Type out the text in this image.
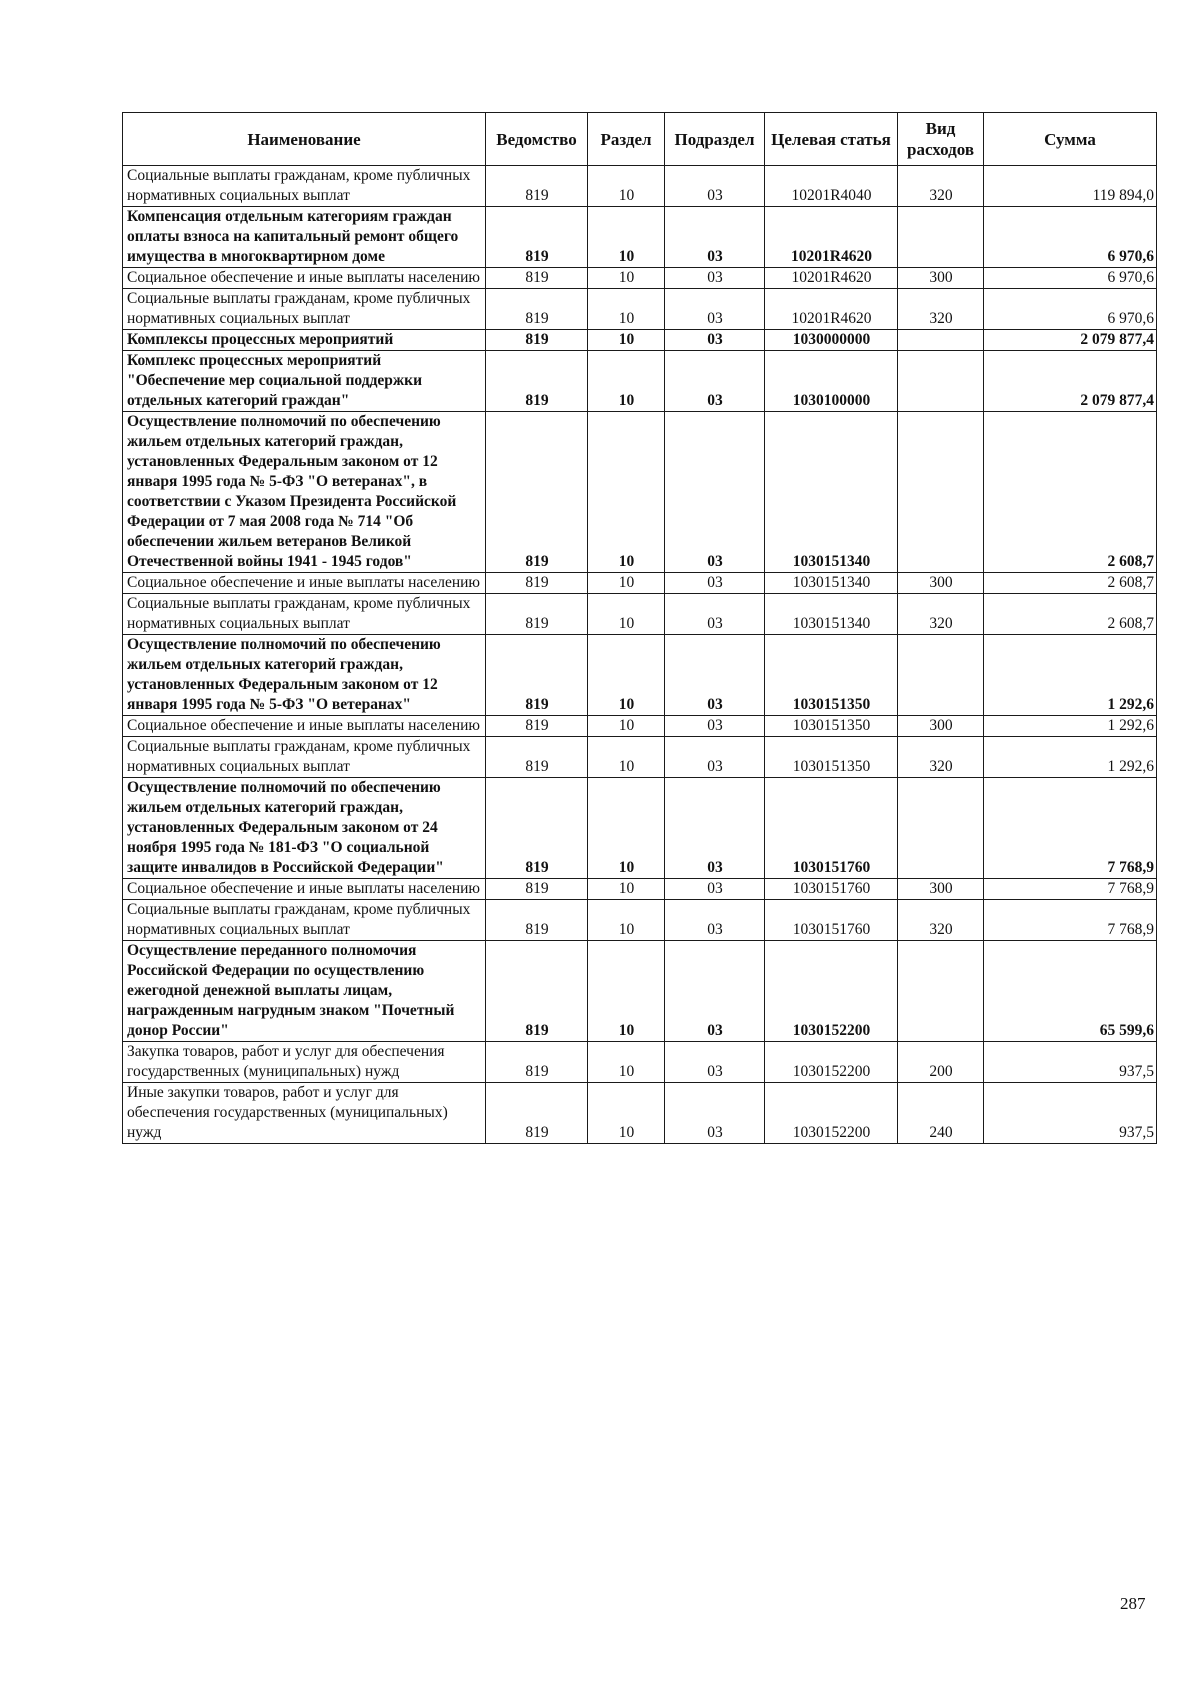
Наименование	Ведомство	Раздел	Подраздел	Целевая статья	Вид расходов	Сумма
Социальные выплаты гражданам, кроме публичных нормативных социальных выплат	819	10	03	10201R4040	320	119 894,0
Компенсация отдельным категориям граждан оплаты взноса на капитальный ремонт общего имущества в многоквартирном доме	819	10	03	10201R4620		6 970,6
Социальное обеспечение и иные выплаты населению	819	10	03	10201R4620	300	6 970,6
Социальные выплаты гражданам, кроме публичных нормативных социальных выплат	819	10	03	10201R4620	320	6 970,6
Комплексы процессных мероприятий	819	10	03	1030000000		2 079 877,4
Комплекс процессных мероприятий "Обеспечение мер социальной поддержки отдельных категорий граждан"	819	10	03	1030100000		2 079 877,4
Осуществление полномочий по обеспечению жильем отдельных категорий граждан, установленных Федеральным законом от 12 января 1995 года № 5-ФЗ "О ветеранах", в соответствии с Указом Президента Российской Федерации от 7 мая 2008 года № 714 "Об обеспечении жильем ветеранов Великой Отечественной войны 1941 - 1945 годов"	819	10	03	1030151340		2 608,7
Социальное обеспечение и иные выплаты населению	819	10	03	1030151340	300	2 608,7
Социальные выплаты гражданам, кроме публичных нормативных социальных выплат	819	10	03	1030151340	320	2 608,7
Осуществление полномочий по обеспечению жильем отдельных категорий граждан, установленных Федеральным законом от 12 января 1995 года № 5-ФЗ "О ветеранах"	819	10	03	1030151350		1 292,6
Социальное обеспечение и иные выплаты населению	819	10	03	1030151350	300	1 292,6
Социальные выплаты гражданам, кроме публичных нормативных социальных выплат	819	10	03	1030151350	320	1 292,6
Осуществление полномочий по обеспечению жильем отдельных категорий граждан, установленных Федеральным законом от 24 ноября 1995 года № 181-ФЗ "О социальной защите инвалидов в Российской Федерации"	819	10	03	1030151760		7 768,9
Социальное обеспечение и иные выплаты населению	819	10	03	1030151760	300	7 768,9
Социальные выплаты гражданам, кроме публичных нормативных социальных выплат	819	10	03	1030151760	320	7 768,9
Осуществление переданного полномочия Российской Федерации по осуществлению ежегодной денежной выплаты лицам, награжденным нагрудным знаком "Почетный донор России"	819	10	03	1030152200		65 599,6
Закупка товаров, работ и услуг для обеспечения государственных (муниципальных) нужд	819	10	03	1030152200	200	937,5
Иные закупки товаров, работ и услуг для обеспечения государственных (муниципальных) нужд	819	10	03	1030152200	240	937,5
287
